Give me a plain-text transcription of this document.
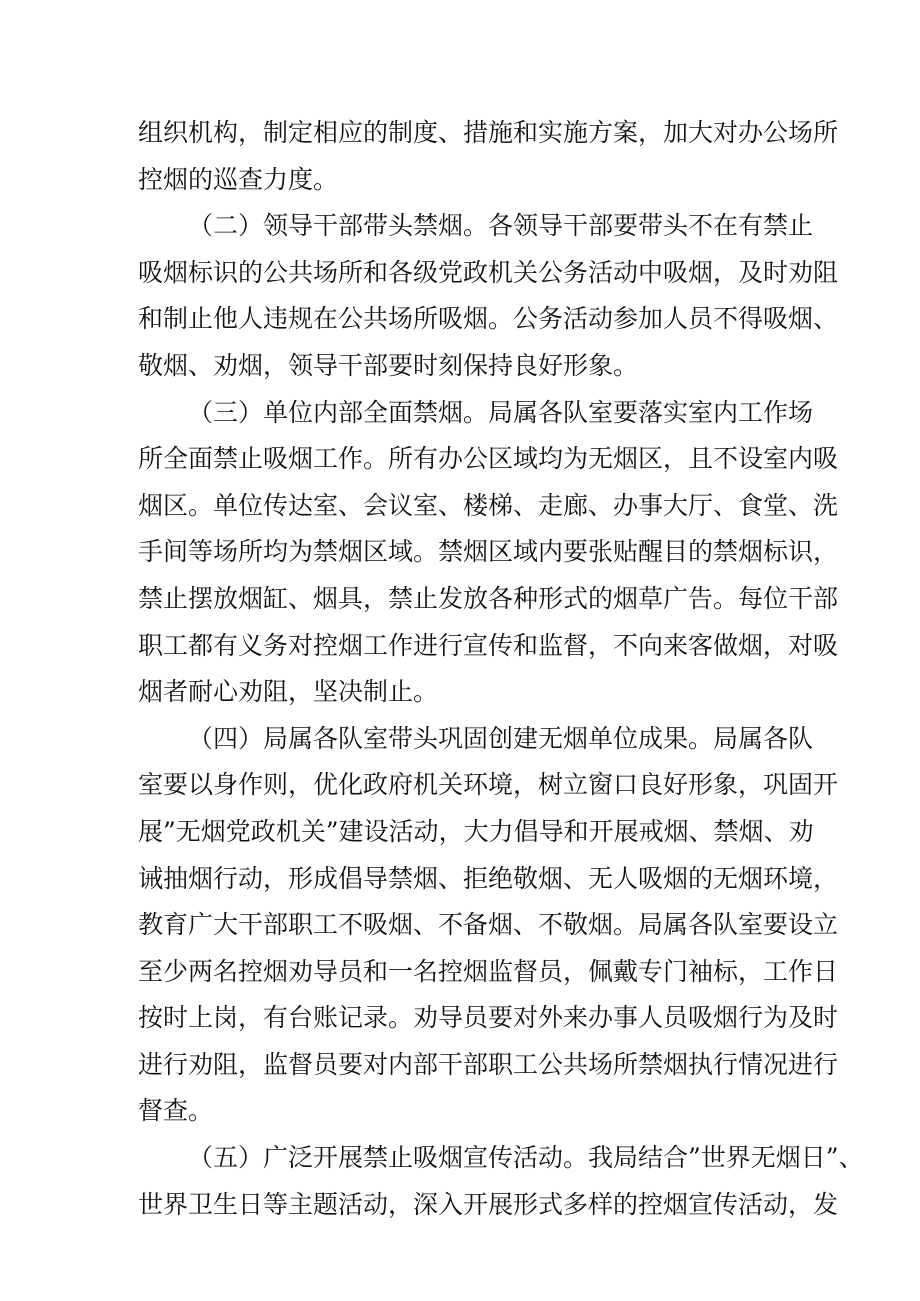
组织机构，制定相应的制度、措施和实施方案，加大对办公场所
控烟的巡查力度。
（二）领导干部带头禁烟。各领导干部要带头不在有禁止
吸烟标识的公共场所和各级党政机关公务活动中吸烟，及时劝阻
和制止他人违规在公共场所吸烟。公务活动参加人员不得吸烟、
敬烟、劝烟，领导干部要时刻保持良好形象。
（三）单位内部全面禁烟。局属各队室要落实室内工作场
所全面禁止吸烟工作。所有办公区域均为无烟区，且不设室内吸
烟区。单位传达室、会议室、楼梯、走廊、办事大厅、食堂、洗
手间等场所均为禁烟区域。禁烟区域内要张贴醒目的禁烟标识，
禁止摆放烟缸、烟具，禁止发放各种形式的烟草广告。每位干部
职工都有义务对控烟工作进行宣传和监督，不向来客做烟，对吸
烟者耐心劝阻，坚决制止。
（四）局属各队室带头巩固创建无烟单位成果。局属各队
室要以身作则，优化政府机关环境，树立窗口良好形象，巩固开
展”无烟党政机关”建设活动，大力倡导和开展戒烟、禁烟、劝
诫抽烟行动，形成倡导禁烟、拒绝敬烟、无人吸烟的无烟环境，
教育广大干部职工不吸烟、不备烟、不敬烟。局属各队室要设立
至少两名控烟劝导员和一名控烟监督员，佩戴专门袖标，工作日
按时上岗，有台账记录。劝导员要对外来办事人员吸烟行为及时
进行劝阻，监督员要对内部干部职工公共场所禁烟执行情况进行
督查。
（五）广泛开展禁止吸烟宣传活动。我局结合”世界无烟日”、
世界卫生日等主题活动，深入开展形式多样的控烟宣传活动，发
